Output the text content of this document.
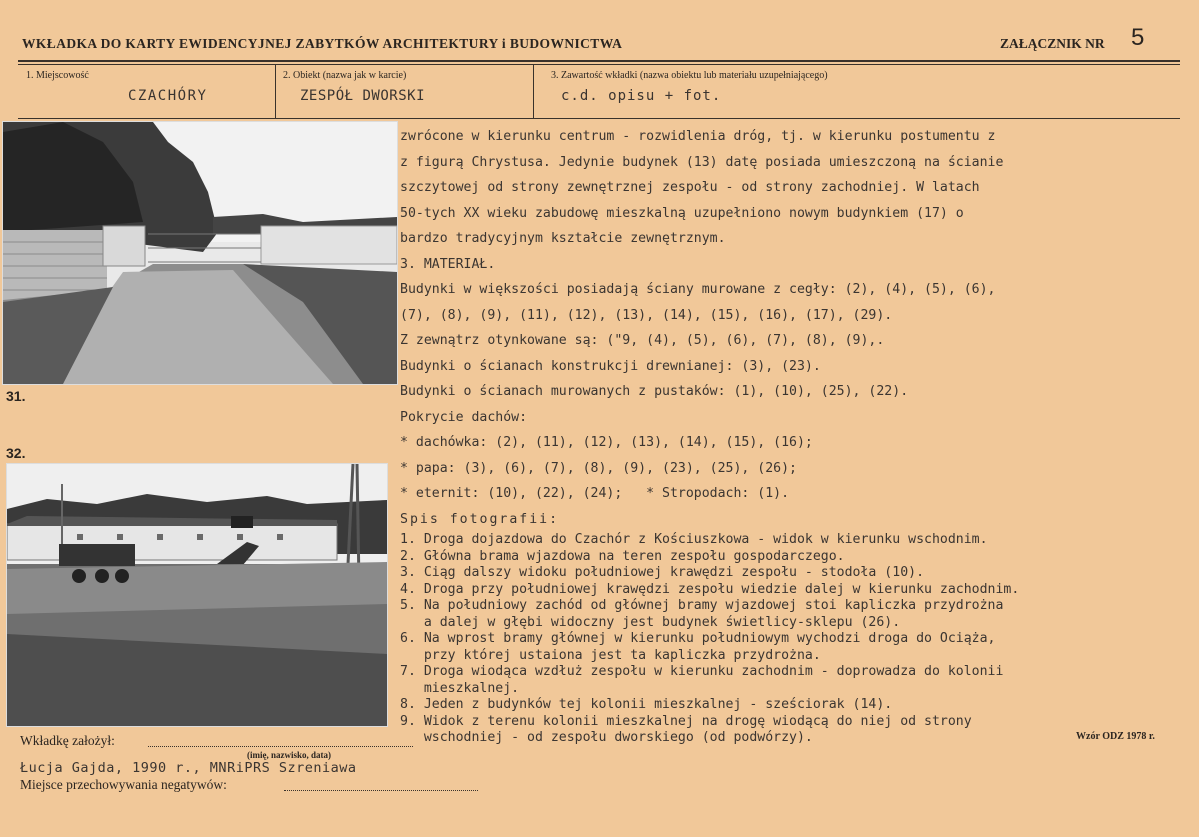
WKŁADKA DO KARTY EWIDENCYJNEJ ZABYTKÓW ARCHITEKTURY i BUDOWNICTWA	ZAŁĄCZNIK NR 5
1. Miejscowość
CZACHÓRY
2. Obiekt (nazwa jak w karcie)
ZESPÓŁ DWORSKI
3. Zawartość wkładki (nazwa obiektu lub materiału uzupełniającego)
c.d. opisu + fot.
31.
32.
zwrócone w kierunku centrum - rozwidlenia dróg, tj. w kierunku postumentu z
z figurą Chrystusa. Jedynie budynek (13) datę posiada umieszczoną na ścianie
szczytowej od strony zewnętrznej zespołu - od strony zachodniej. W latach
50-tych XX wieku zabudowę mieszkalną uzupełniono nowym budynkiem (17) o
bardzo tradycyjnym kształcie zewnętrznym.
3. MATERIAŁ.
Budynki w większości posiadają ściany murowane z cegły: (2), (4), (5), (6),
(7), (8), (9), (11), (12), (13), (14), (15), (16), (17), (29).
Z zewnątrz otynkowane są: ("9, (4), (5), (6), (7), (8), (9),.
Budynki o ścianach konstrukcji drewnianej: (3), (23).
Budynki o ścianach murowanych z pustaków: (1), (10), (25), (22).
Pokrycie dachów:
* dachówka: (2), (11), (12), (13), (14), (15), (16);
* papa: (3), (6), (7), (8), (9), (23), (25), (26);
* eternit: (10), (22), (24);   * Stropodach: (1).
Spis fotografii:
1. Droga dojazdowa do Czachór z Kościuszkowa - widok w kierunku wschodnim.
2. Główna brama wjazdowa na teren zespołu gospodarczego.
3. Ciąg dalszy widoku południowej krawędzi zespołu - stodoła (10).
4. Droga przy południowej krawędzi zespołu wiedzie dalej w kierunku zachodnim.
5. Na południowy zachód od głównej bramy wjazdowej stoi kapliczka przydrożna
a dalej w głębi widoczny jest budynek świetlicy-sklepu (26).
6. Na wprost bramy głównej w kierunku południowym wychodzi droga do Ociąża,
przy której ustaiona jest ta kapliczka przydrożna.
7. Droga wiodąca wzdłuż zespołu w kierunku zachodnim - doprowadza do kolonii
mieszkalnej.
8. Jeden z budynków tej kolonii mieszkalnej - sześciorak (14).
9. Widok z terenu kolonii mieszkalnej na drogę wiodącą do niej od strony
wschodniej - od zespołu dworskiego (od podwórzy).
Wkładkę założył:
(imię, nazwisko, data)
Łucja Gajda, 1990 r., MNRiPRS Szreniawa
Miejsce przechowywania negatywów:
Wzór ODZ 1978 r.
